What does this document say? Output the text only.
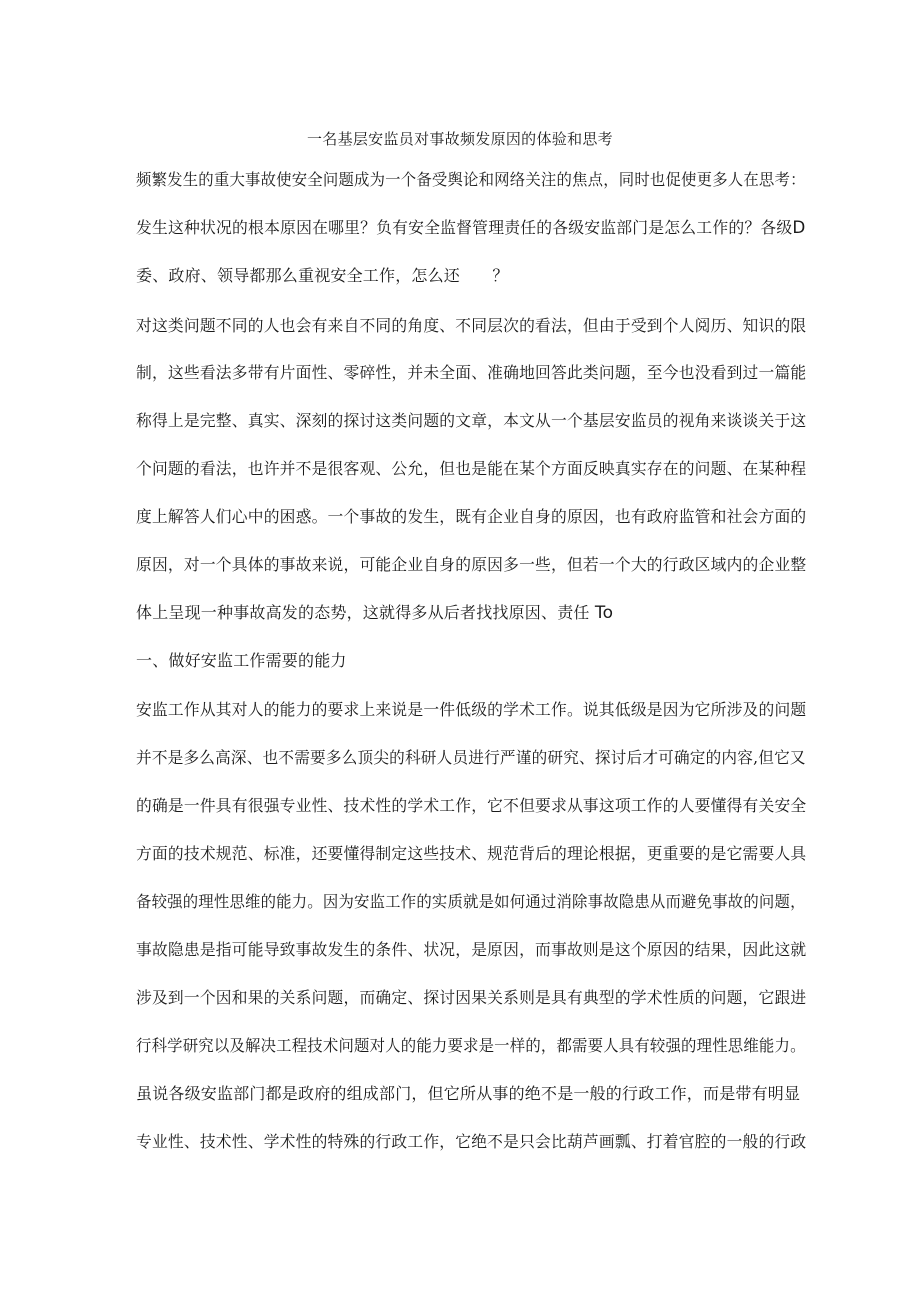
一名基层安监员对事故频发原因的体验和思考
频繁发生的重大事故使安全问题成为一个备受舆论和网络关注的焦点，同时也促使更多人在思考：
发生这种状况的根本原因在哪里？负有安全监督管理责任的各级安监部门是怎么工作的？各级D
委、政府、领导都那么重视安全工作，怎么还　　？
对这类问题不同的人也会有来自不同的角度、不同层次的看法，但由于受到个人阅历、知识的限
制，这些看法多带有片面性、零碎性，并未全面、准确地回答此类问题，至今也没看到过一篇能
称得上是完整、真实、深刻的探讨这类问题的文章，本文从一个基层安监员的视角来谈谈关于这
个问题的看法，也许并不是很客观、公允，但也是能在某个方面反映真实存在的问题、在某种程
度上解答人们心中的困惑。一个事故的发生，既有企业自身的原因，也有政府监管和社会方面的
原因，对一个具体的事故来说，可能企业自身的原因多一些，但若一个大的行政区域内的企业整
体上呈现一种事故高发的态势，这就得多从后者找找原因、责任 To
一、做好安监工作需要的能力
安监工作从其对人的能力的要求上来说是一件低级的学术工作。说其低级是因为它所涉及的问题
并不是多么高深、也不需要多么顶尖的科研人员进行严谨的研究、探讨后才可确定的内容,但它又
的确是一件具有很强专业性、技术性的学术工作，它不但要求从事这项工作的人要懂得有关安全
方面的技术规范、标准，还要懂得制定这些技术、规范背后的理论根据，更重要的是它需要人具
备较强的理性思维的能力。因为安监工作的实质就是如何通过消除事故隐患从而避免事故的问题，
事故隐患是指可能导致事故发生的条件、状况，是原因，而事故则是这个原因的结果，因此这就
涉及到一个因和果的关系问题，而确定、探讨因果关系则是具有典型的学术性质的问题，它跟进
行科学研究以及解决工程技术问题对人的能力要求是一样的，都需要人具有较强的理性思维能力。
虽说各级安监部门都是政府的组成部门，但它所从事的绝不是一般的行政工作，而是带有明显
专业性、技术性、学术性的特殊的行政工作，它绝不是只会比葫芦画瓢、打着官腔的一般的行政
